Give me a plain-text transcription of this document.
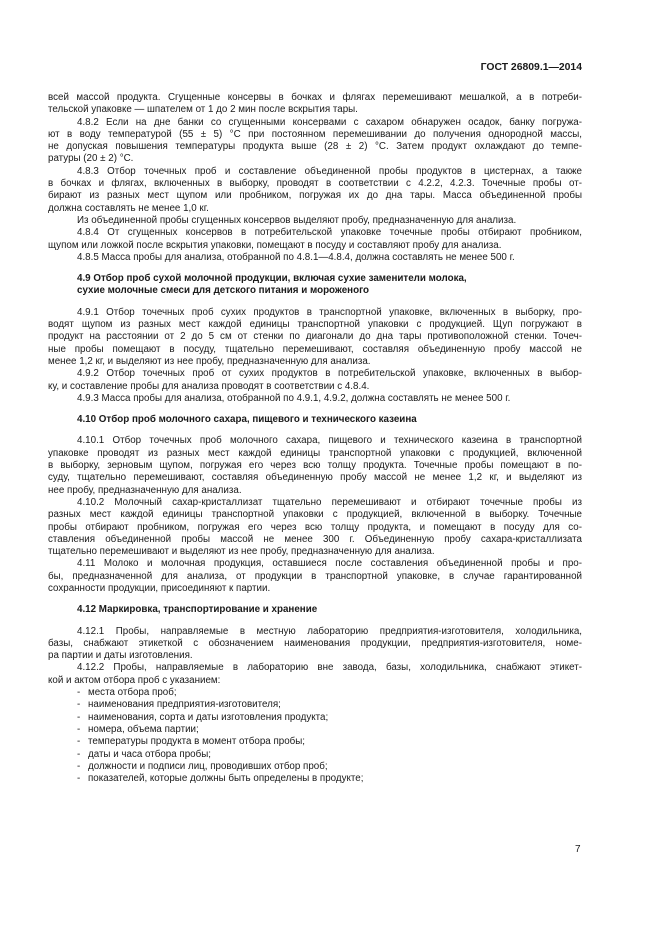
ГОСТ 26809.1—2014
всей массой продукта. Сгущенные консервы в бочках и флягах перемешивают мешалкой, а в потреби-
тельской упаковке — шпателем от 1 до 2 мин после вскрытия тары.
4.8.2 Если на дне банки со сгущенными консервами с сахаром обнаружен осадок, банку погружа-
ют в воду температурой (55 ± 5) °С при постоянном перемешивании до получения однородной массы,
не допуская повышения температуры продукта выше (28 ± 2) °С. Затем продукт охлаждают до темпе-
ратуры (20 ± 2) °С.
4.8.3 Отбор точечных проб и составление объединенной пробы продуктов в цистернах, а также
в бочках и флягах, включенных в выборку, проводят в соответствии с 4.2.2, 4.2.3. Точечные пробы от-
бирают из разных мест щупом или пробником, погружая их до дна тары. Масса объединенной пробы
должна составлять не менее 1,0 кг.
Из объединенной пробы сгущенных консервов выделяют пробу, предназначенную для анализа.
4.8.4 От сгущенных консервов в потребительской упаковке точечные пробы отбирают пробником,
щупом или ложкой после вскрытия упаковки, помещают в посуду и составляют пробу для анализа.
4.8.5 Масса пробы для анализа, отобранной по 4.8.1—4.8.4, должна составлять не менее 500 г.
4.9 Отбор проб сухой молочной продукции, включая сухие заменители молока,
сухие молочные смеси для детского питания и мороженого
4.9.1 Отбор точечных проб сухих продуктов в транспортной упаковке, включенных в выборку, про-
водят щупом из разных мест каждой единицы транспортной упаковки с продукцией. Щуп погружают в
продукт на расстоянии от 2 до 5 см от стенки по диагонали до дна тары противоположной стенки. Точеч-
ные пробы помещают в посуду, тщательно перемешивают, составляя объединенную пробу массой не
менее 1,2 кг, и выделяют из нее пробу, предназначенную для анализа.
4.9.2 Отбор точечных проб от сухих продуктов в потребительской упаковке, включенных в выбор-
ку, и составление пробы для анализа проводят в соответствии с 4.8.4.
4.9.3 Масса пробы для анализа, отобранной по 4.9.1, 4.9.2, должна составлять не менее 500 г.
4.10 Отбор проб молочного сахара, пищевого и технического казеина
4.10.1 Отбор точечных проб молочного сахара, пищевого и технического казеина в транспортной
упаковке проводят из разных мест каждой единицы транспортной упаковки с продукцией, включенной
в выборку, зерновым щупом, погружая его через всю толщу продукта. Точечные пробы помещают в по-
суду, тщательно перемешивают, составляя объединенную пробу массой не менее 1,2 кг, и выделяют из
нее пробу, предназначенную для анализа.
4.10.2 Молочный сахар-кристаллизат тщательно перемешивают и отбирают точечные пробы из
разных мест каждой единицы транспортной упаковки с продукцией, включенной в выборку. Точечные
пробы отбирают пробником, погружая его через всю толщу продукта, и помещают в посуду для со-
ставления объединенной пробы массой не менее 300 г. Объединенную пробу сахара-кристаллизата
тщательно перемешивают и выделяют из нее пробу, предназначенную для анализа.
4.11 Молоко и молочная продукция, оставшиеся после составления объединенной пробы и про-
бы, предназначенной для анализа, от продукции в транспортной упаковке, в случае гарантированной
сохранности продукции, присоединяют к партии.
4.12 Маркировка, транспортирование и хранение
4.12.1 Пробы, направляемые в местную лабораторию предприятия-изготовителя, холодильника,
базы, снабжают этикеткой с обозначением наименования продукции, предприятия-изготовителя, номе-
ра партии и даты изготовления.
4.12.2 Пробы, направляемые в лабораторию вне завода, базы, холодильника, снабжают этикет-
кой и актом отбора проб с указанием:
- места отбора проб;
- наименования предприятия-изготовителя;
- наименования, сорта и даты изготовления продукта;
- номера, объема партии;
- температуры продукта в момент отбора пробы;
- даты и часа отбора пробы;
- должности и подписи лиц, проводивших отбор проб;
- показателей, которые должны быть определены в продукте;
7
